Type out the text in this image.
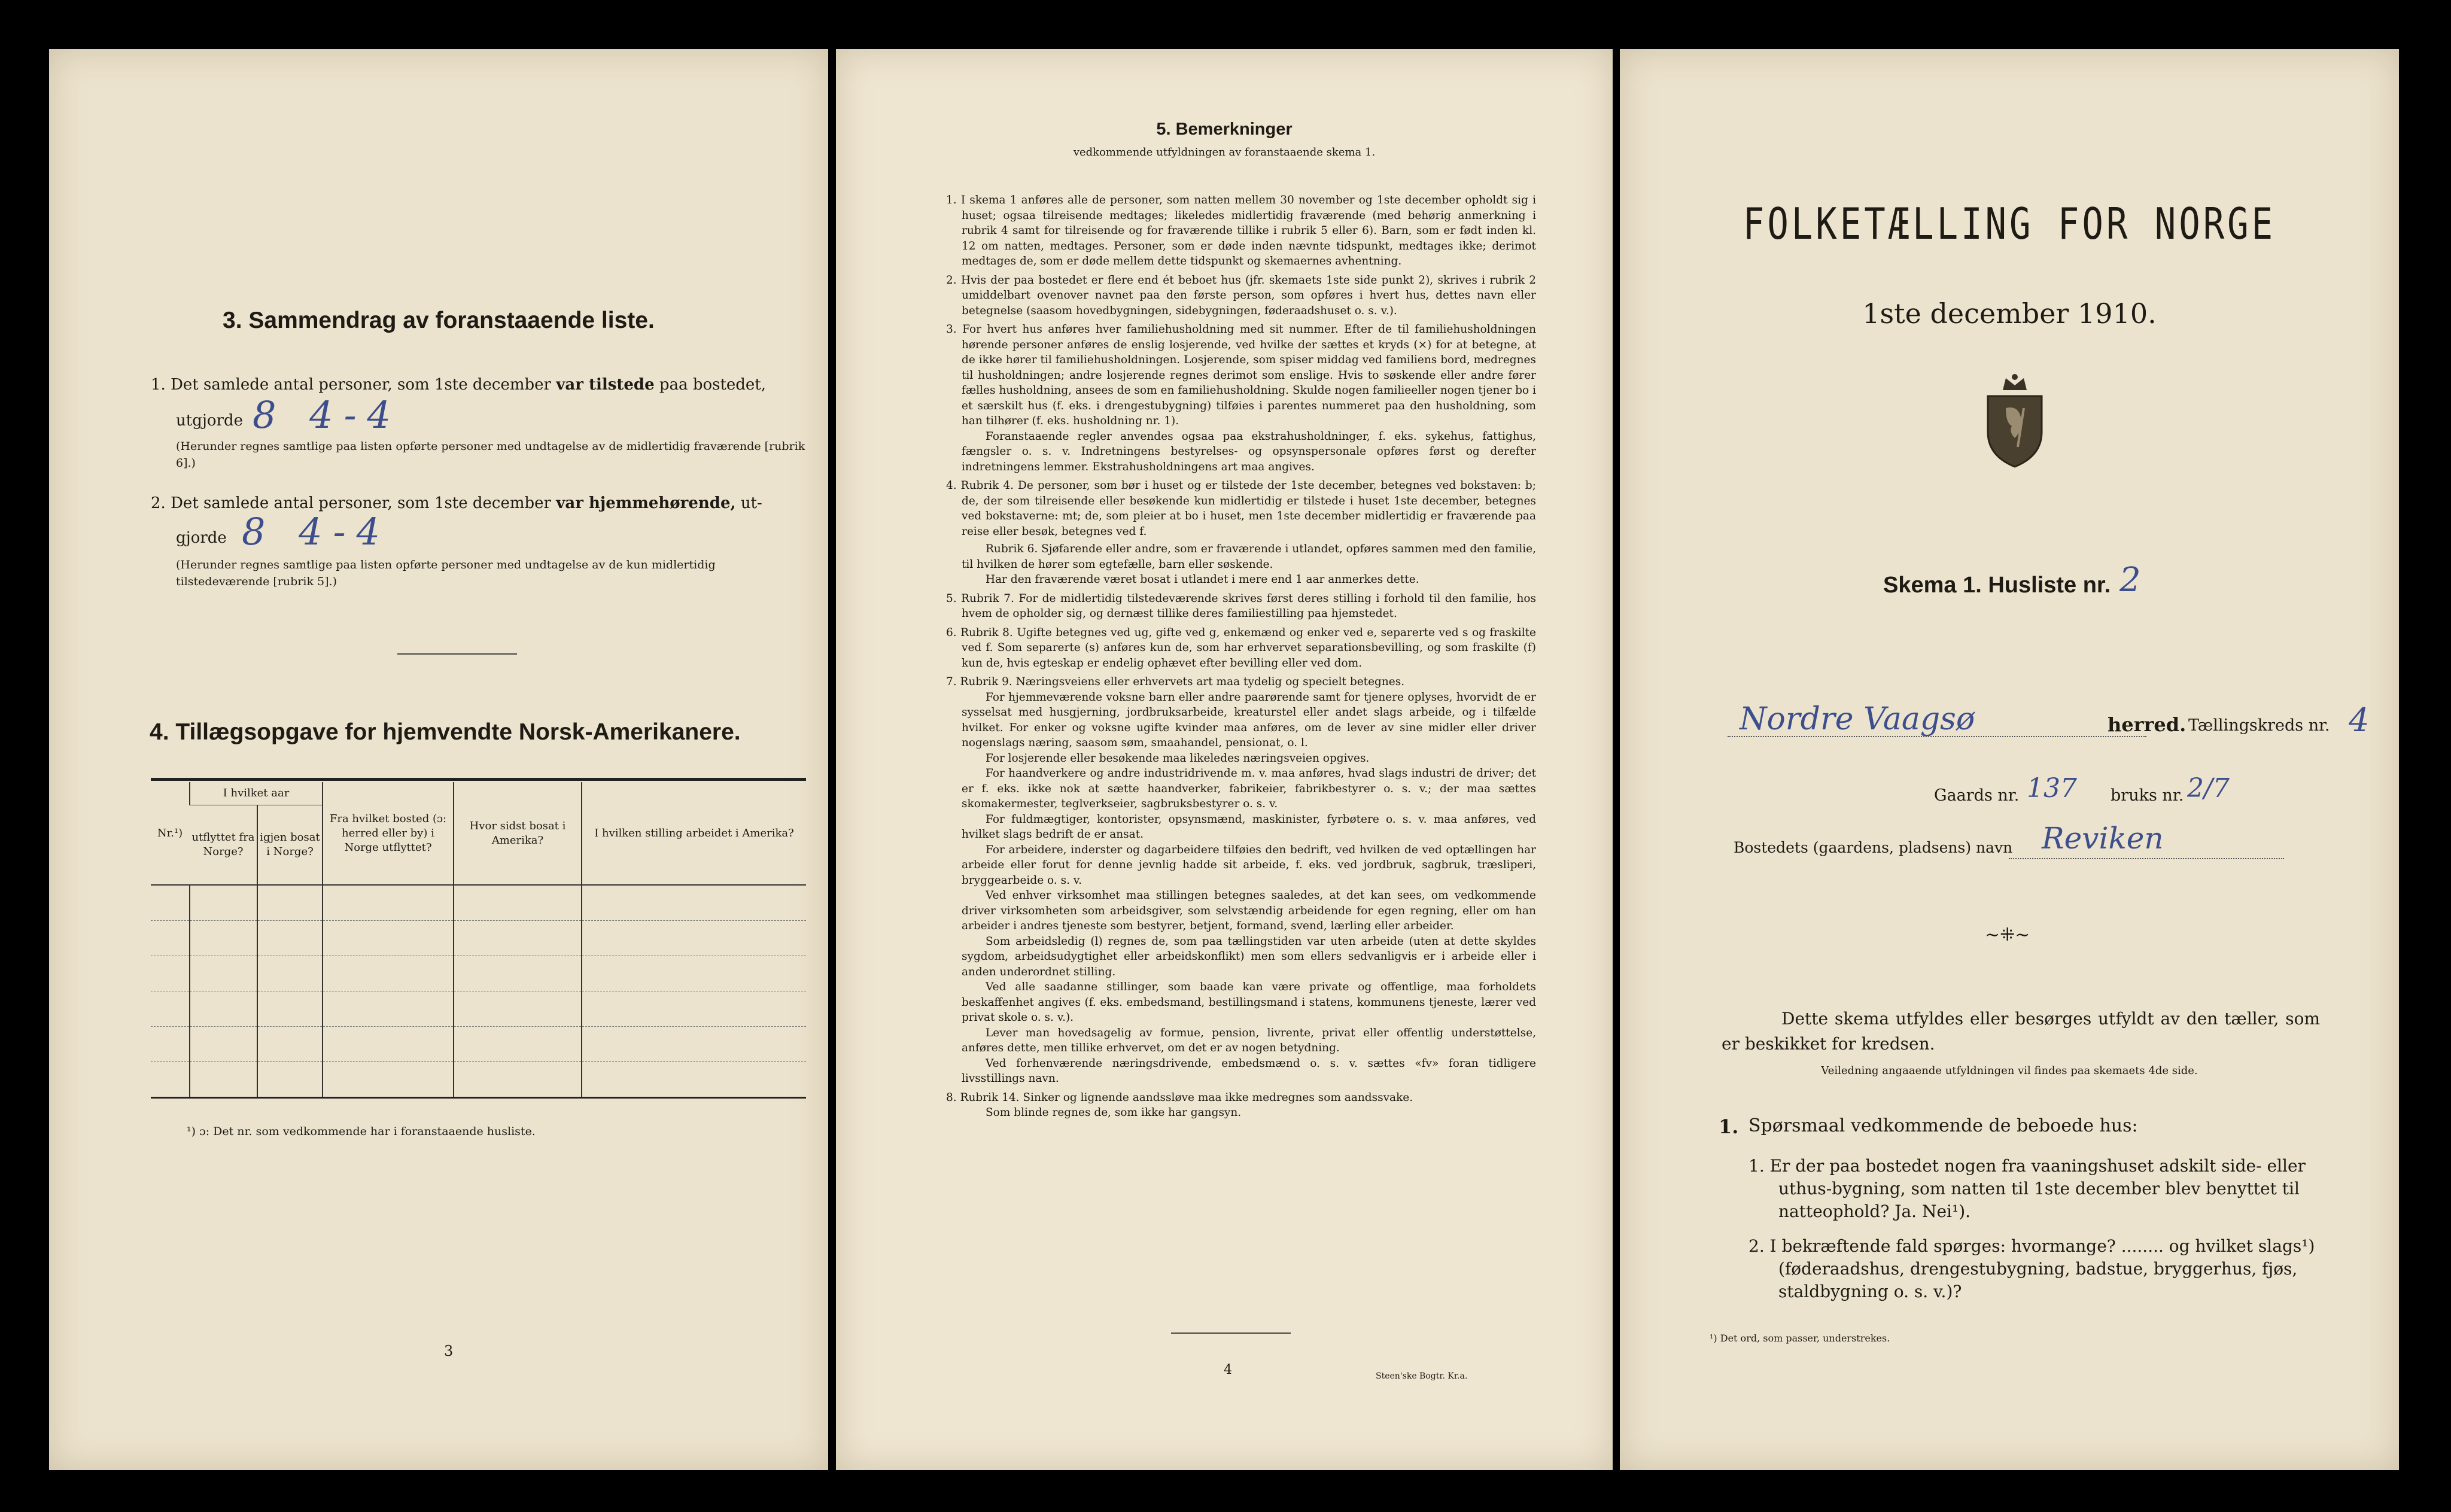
3. Sammendrag av foranstaaende liste.
1. Det samlede antal personer, som 1ste december var tilstede paa bostedet,
utgjorde 8 4-4
(Herunder regnes samtlige paa listen opførte personer med undtagelse av de midlertidig fraværende [rubrik 6].)
2. Det samlede antal personer, som 1ste december var hjemmehørende, ut-
gjorde 8 4-4
(Herunder regnes samtlige paa listen opførte personer med undtagelse av de kun midlertidig tilstedeværende [rubrik 5].)
4. Tillægsopgave for hjemvendte Norsk-Amerikanere.
Nr.¹)	I hvilket aar		Fra hvilket bosted (ɔ: herred eller by) i Norge utflyttet?	Hvor sidst bosat i Amerika?	I hvilken stilling arbeidet i Amerika?
	utflyttet fra Norge?	igjen bosat i Norge?			

¹) ɔ: Det nr. som vedkommende har i foranstaaende husliste.
3
5. Bemerkninger
vedkommende utfyldningen av foranstaaende skema 1.

1. I skema 1 anføres alle de personer, som natten mellem 30 november og 1ste december opholdt sig i huset; ogsaa tilreisende medtages; likeledes midlertidig fraværende (med behørig anmerkning i rubrik 4 samt for tilreisende og for fraværende tillike i rubrik 5 eller 6). Barn, som er født inden kl. 12 om natten, medtages. Personer, som er døde inden nævnte tidspunkt, medtages ikke; derimot medtages de, som er døde mellem dette tidspunkt og skemaernes avhentning.

2. Hvis der paa bostedet er flere end ét beboet hus (jfr. skemaets 1ste side punkt 2), skrives i rubrik 2 umiddelbart ovenover navnet paa den første person, som opføres i hvert hus, dettes navn eller betegnelse (saasom hovedbygningen, sidebygningen, føderaadshuset o. s. v.).

3. For hvert hus anføres hver familiehusholdning med sit nummer. Efter de til familiehusholdningen hørende personer anføres de enslig losjerende, ved hvilke der sættes et kryds (×) for at betegne, at de ikke hører til familiehusholdningen. Losjerende, som spiser middag ved familiens bord, medregnes til husholdningen; andre losjerende regnes derimot som enslige. Hvis to søskende eller andre fører fælles husholdning, ansees de som en familiehusholdning. Skulde nogen familieeller nogen tjener bo i et særskilt hus (f. eks. i drengestubygning) tilføies i parentes nummeret paa den husholdning, som han tilhører (f. eks. husholdning nr. 1).

Foranstaaende regler anvendes ogsaa paa ekstrahusholdninger, f. eks. sykehus, fattighus, fængsler o. s. v. Indretningens bestyrelses- og opsynspersonale opføres først og derefter indretningens lemmer. Ekstrahusholdningens art maa angives.

4. Rubrik 4. De personer, som bør i huset og er tilstede der 1ste december, betegnes ved bokstaven: b; de, der som tilreisende eller besøkende kun midlertidig er tilstede i huset 1ste december, betegnes ved bokstaverne: mt; de, som pleier at bo i huset, men 1ste december midlertidig er fraværende paa reise eller besøk, betegnes ved f.

Rubrik 6. Sjøfarende eller andre, som er fraværende i utlandet, opføres sammen med den familie, til hvilken de hører som egtefælle, barn eller søskende.

Har den fraværende været bosat i utlandet i mere end 1 aar anmerkes dette.

5. Rubrik 7. For de midlertidig tilstedeværende skrives først deres stilling i forhold til den familie, hos hvem de opholder sig, og dernæst tillike deres familiestilling paa hjemstedet.

6. Rubrik 8. Ugifte betegnes ved ug, gifte ved g, enkemænd og enker ved e, separerte ved s og fraskilte ved f. Som separerte (s) anføres kun de, som har erhvervet separationsbevilling, og som fraskilte (f) kun de, hvis egteskap er endelig ophævet efter bevilling eller ved dom.

7. Rubrik 9. Næringsveiens eller erhvervets art maa tydelig og specielt betegnes.

For hjemmeværende voksne barn eller andre paarørende samt for tjenere oplyses, hvorvidt de er sysselsat med husgjerning, jordbruksarbeide, kreaturstel eller andet slags arbeide, og i tilfælde hvilket. For enker og voksne ugifte kvinder maa anføres, om de lever av sine midler eller driver nogenslags næring, saasom søm, smaahandel, pensionat, o. l.

For losjerende eller besøkende maa likeledes næringsveien opgives.

For haandverkere og andre industridrivende m. v. maa anføres, hvad slags industri de driver; det er f. eks. ikke nok at sætte haandverker, fabrikeier, fabrikbestyrer o. s. v.; der maa sættes skomakermester, teglverkseier, sagbruksbestyrer o. s. v.

For fuldmægtiger, kontorister, opsynsmænd, maskinister, fyrbøtere o. s. v. maa anføres, ved hvilket slags bedrift de er ansat.

For arbeidere, inderster og dagarbeidere tilføies den bedrift, ved hvilken de ved optællingen har arbeide eller forut for denne jevnlig hadde sit arbeide, f. eks. ved jordbruk, sagbruk, træsliperi, bryggearbeide o. s. v.

Ved enhver virksomhet maa stillingen betegnes saaledes, at det kan sees, om vedkommende driver virksomheten som arbeidsgiver, som selvstændig arbeidende for egen regning, eller om han arbeider i andres tjeneste som bestyrer, betjent, formand, svend, lærling eller arbeider.

Som arbeidsledig (l) regnes de, som paa tællingstiden var uten arbeide (uten at dette skyldes sygdom, arbeidsudygtighet eller arbeidskonflikt) men som ellers sedvanligvis er i arbeide eller i anden underordnet stilling.

Ved alle saadanne stillinger, som baade kan være private og offentlige, maa forholdets beskaffenhet angives (f. eks. embedsmand, bestillingsmand i statens, kommunens tjeneste, lærer ved privat skole o. s. v.).

Lever man hovedsagelig av formue, pension, livrente, privat eller offentlig understøttelse, anføres dette, men tillike erhvervet, om det er av nogen betydning.

Ved forhenværende næringsdrivende, embedsmænd o. s. v. sættes «fv» foran tidligere livsstillings navn.

8. Rubrik 14. Sinker og lignende aandssløve maa ikke medregnes som aandssvake.

Som blinde regnes de, som ikke har gangsyn.

4	Steen'ske Bogtr. Kr.a.
FOLKETÆLLING FOR NORGE
1ste december 1910.
Skema 1. Husliste nr. 2
Nordre Vaagsø	herred. Tællingskreds nr. 4
Gaards nr. 137 bruks nr. 2/7
Bostedets (gaardens, pladsens) navn Reviken
~⁜~
Dette skema utfyldes eller besørges utfyldt av den tæller, som er beskikket for kredsen.
Veiledning angaaende utfyldningen vil findes paa skemaets 4de side.
1. Spørsmaal vedkommende de beboede hus:
1. Er der paa bostedet nogen fra vaaningshuset adskilt side- eller uthus-bygning, som natten til 1ste december blev benyttet til natteophold? Ja. Nei¹).
2. I bekræftende fald spørges: hvormange? ........ og hvilket slags¹) (føderaadshus, drengestubygning, badstue, bryggerhus, fjøs, staldbygning o. s. v.)?
¹) Det ord, som passer, understrekes.
